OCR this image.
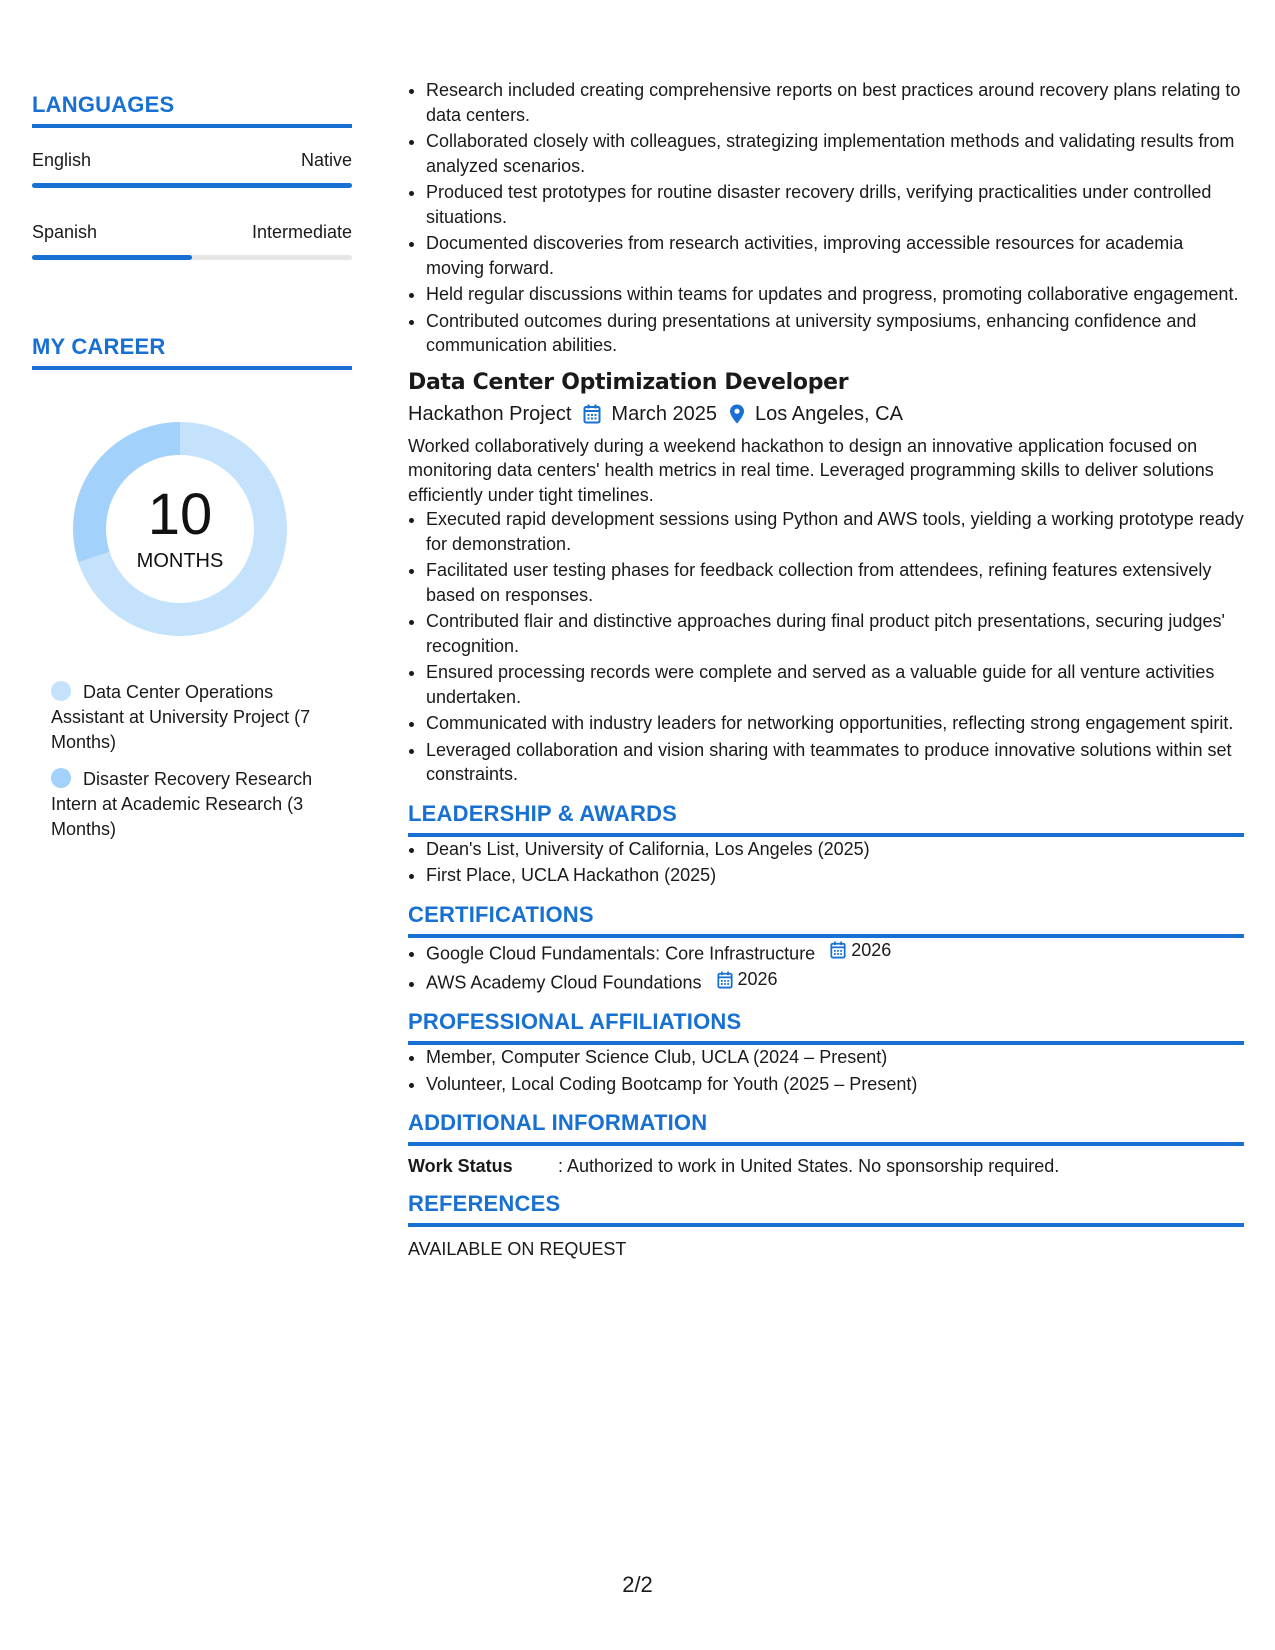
LANGUAGES
English	Native
Spanish	Intermediate
MY CAREER
10
MONTHS
Data Center Operations Assistant at University Project (7 Months)
Disaster Recovery Research Intern at Academic Research (3 Months)
• Research included creating comprehensive reports on best practices around recovery plans relating to data centers.
• Collaborated closely with colleagues, strategizing implementation methods and validating results from analyzed scenarios.
• Produced test prototypes for routine disaster recovery drills, verifying practicalities under controlled situations.
• Documented discoveries from research activities, improving accessible resources for academia moving forward.
• Held regular discussions within teams for updates and progress, promoting collaborative engagement.
• Contributed outcomes during presentations at university symposiums, enhancing confidence and communication abilities.
Data Center Optimization Developer
Hackathon Project March 2025 Los Angeles, CA
Worked collaboratively during a weekend hackathon to design an innovative application focused on monitoring data centers' health metrics in real time. Leveraged programming skills to deliver solutions efficiently under tight timelines.
• Executed rapid development sessions using Python and AWS tools, yielding a working prototype ready for demonstration.
• Facilitated user testing phases for feedback collection from attendees, refining features extensively based on responses.
• Contributed flair and distinctive approaches during final product pitch presentations, securing judges' recognition.
• Ensured processing records were complete and served as a valuable guide for all venture activities undertaken.
• Communicated with industry leaders for networking opportunities, reflecting strong engagement spirit.
• Leveraged collaboration and vision sharing with teammates to produce innovative solutions within set constraints.
LEADERSHIP & AWARDS
• Dean's List, University of California, Los Angeles (2025)
• First Place, UCLA Hackathon (2025)
CERTIFICATIONS
• Google Cloud Fundamentals: Core Infrastructure 2026
• AWS Academy Cloud Foundations 2026
PROFESSIONAL AFFILIATIONS
• Member, Computer Science Club, UCLA (2024 – Present)
• Volunteer, Local Coding Bootcamp for Youth (2025 – Present)
ADDITIONAL INFORMATION
Work Status	: Authorized to work in United States. No sponsorship required.
REFERENCES
AVAILABLE ON REQUEST
2/2
